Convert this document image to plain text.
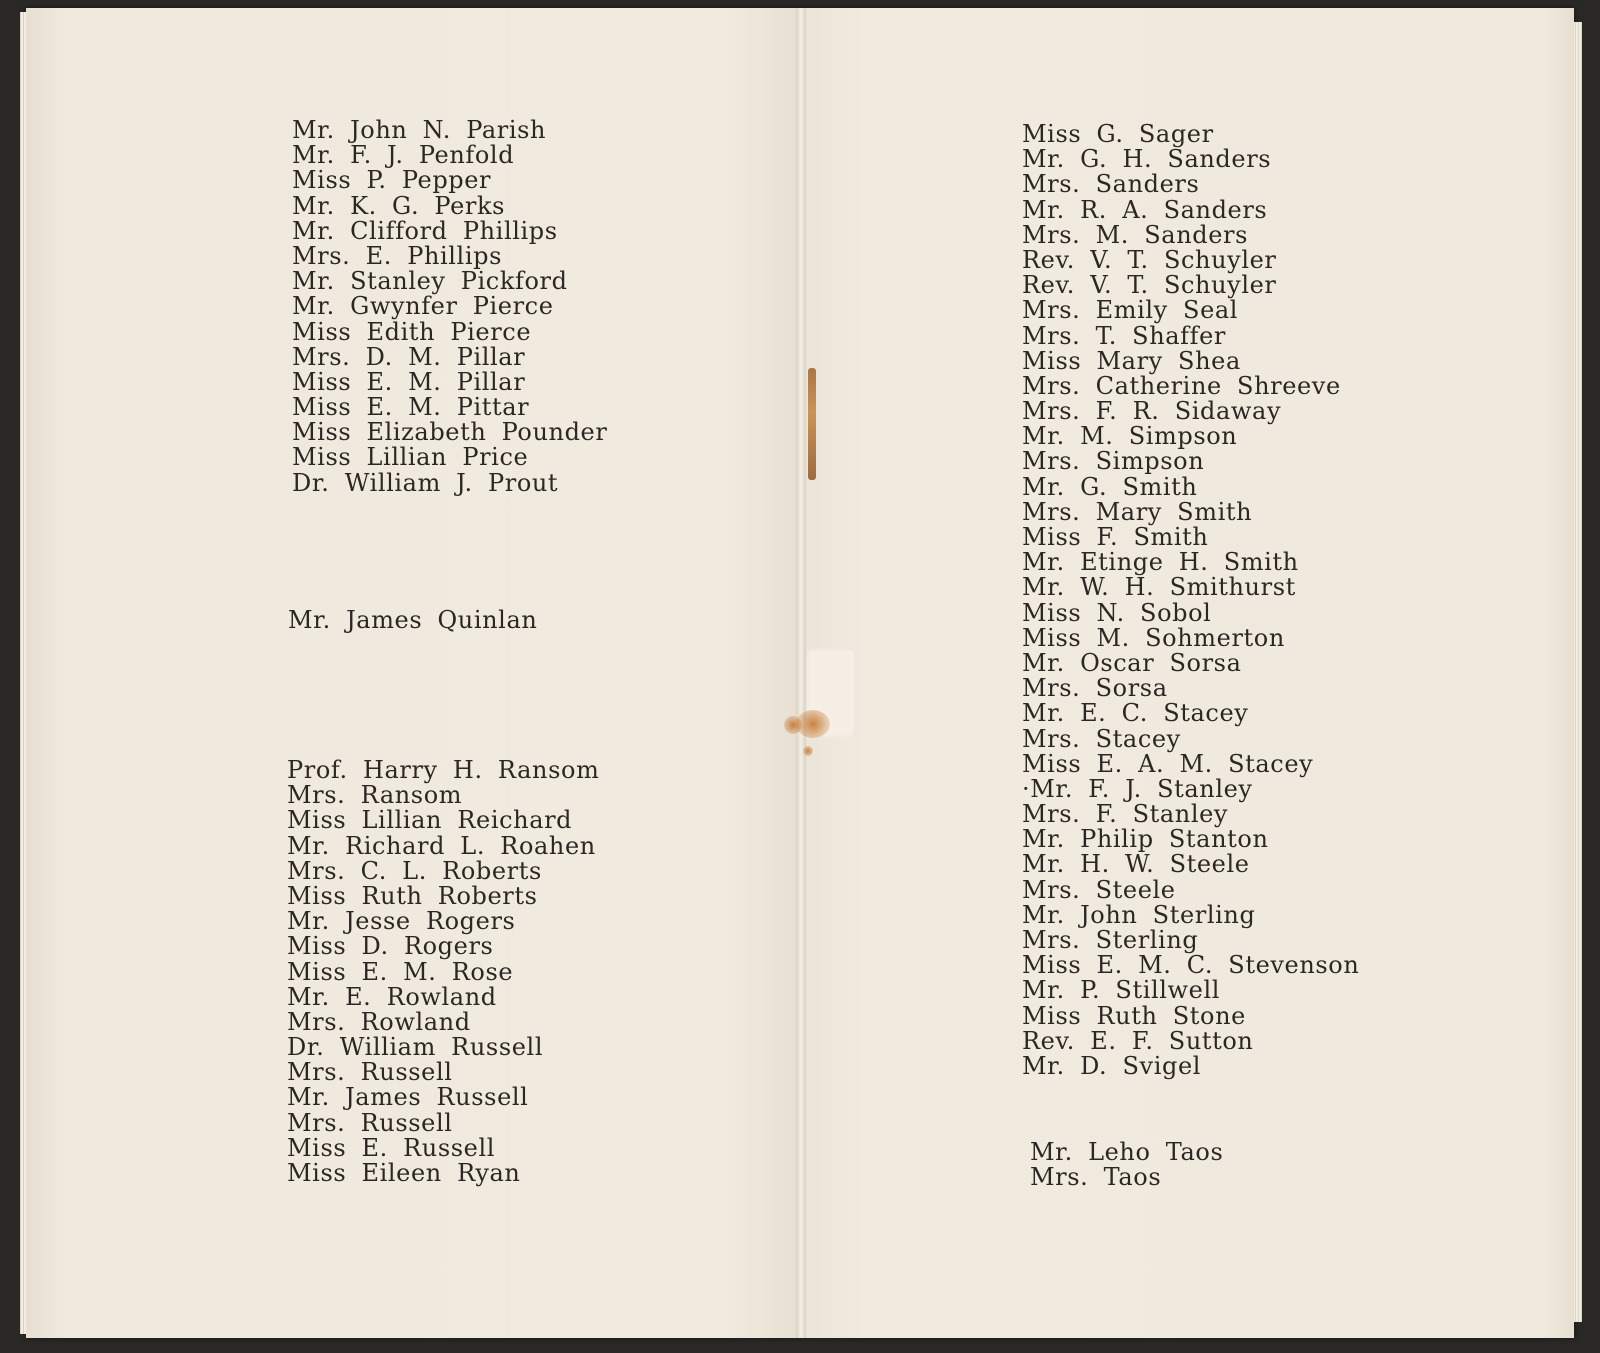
Mr. John N. Parish
Mr. F. J. Penfold
Miss P. Pepper
Mr. K. G. Perks
Mr. Clifford Phillips
Mrs. E. Phillips
Mr. Stanley Pickford
Mr. Gwynfer Pierce
Miss Edith Pierce
Mrs. D. M. Pillar
Miss E. M. Pillar
Miss E. M. Pittar
Miss Elizabeth Pounder
Miss Lillian Price
Dr. William J. Prout
Mr. James Quinlan
Prof. Harry H. Ransom
Mrs. Ransom
Miss Lillian Reichard
Mr. Richard L. Roahen
Mrs. C. L. Roberts
Miss Ruth Roberts
Mr. Jesse Rogers
Miss D. Rogers
Miss E. M. Rose
Mr. E. Rowland
Mrs. Rowland
Dr. William Russell
Mrs. Russell
Mr. James Russell
Mrs. Russell
Miss E. Russell
Miss Eileen Ryan
Miss G. Sager
Mr. G. H. Sanders
Mrs. Sanders
Mr. R. A. Sanders
Mrs. M. Sanders
Rev. V. T. Schuyler
Rev. V. T. Schuyler
Mrs. Emily Seal
Mrs. T. Shaffer
Miss Mary Shea
Mrs. Catherine Shreeve
Mrs. F. R. Sidaway
Mr. M. Simpson
Mrs. Simpson
Mr. G. Smith
Mrs. Mary Smith
Miss F. Smith
Mr. Etinge H. Smith
Mr. W. H. Smithurst
Miss N. Sobol
Miss M. Sohmerton
Mr. Oscar Sorsa
Mrs. Sorsa
Mr. E. C. Stacey
Mrs. Stacey
Miss E. A. M. Stacey
·Mr. F. J. Stanley
Mrs. F. Stanley
Mr. Philip Stanton
Mr. H. W. Steele
Mrs. Steele
Mr. John Sterling
Mrs. Sterling
Miss E. M. C. Stevenson
Mr. P. Stillwell
Miss Ruth Stone
Rev. E. F. Sutton
Mr. D. Svigel
Mr. Leho Taos
Mrs. Taos
